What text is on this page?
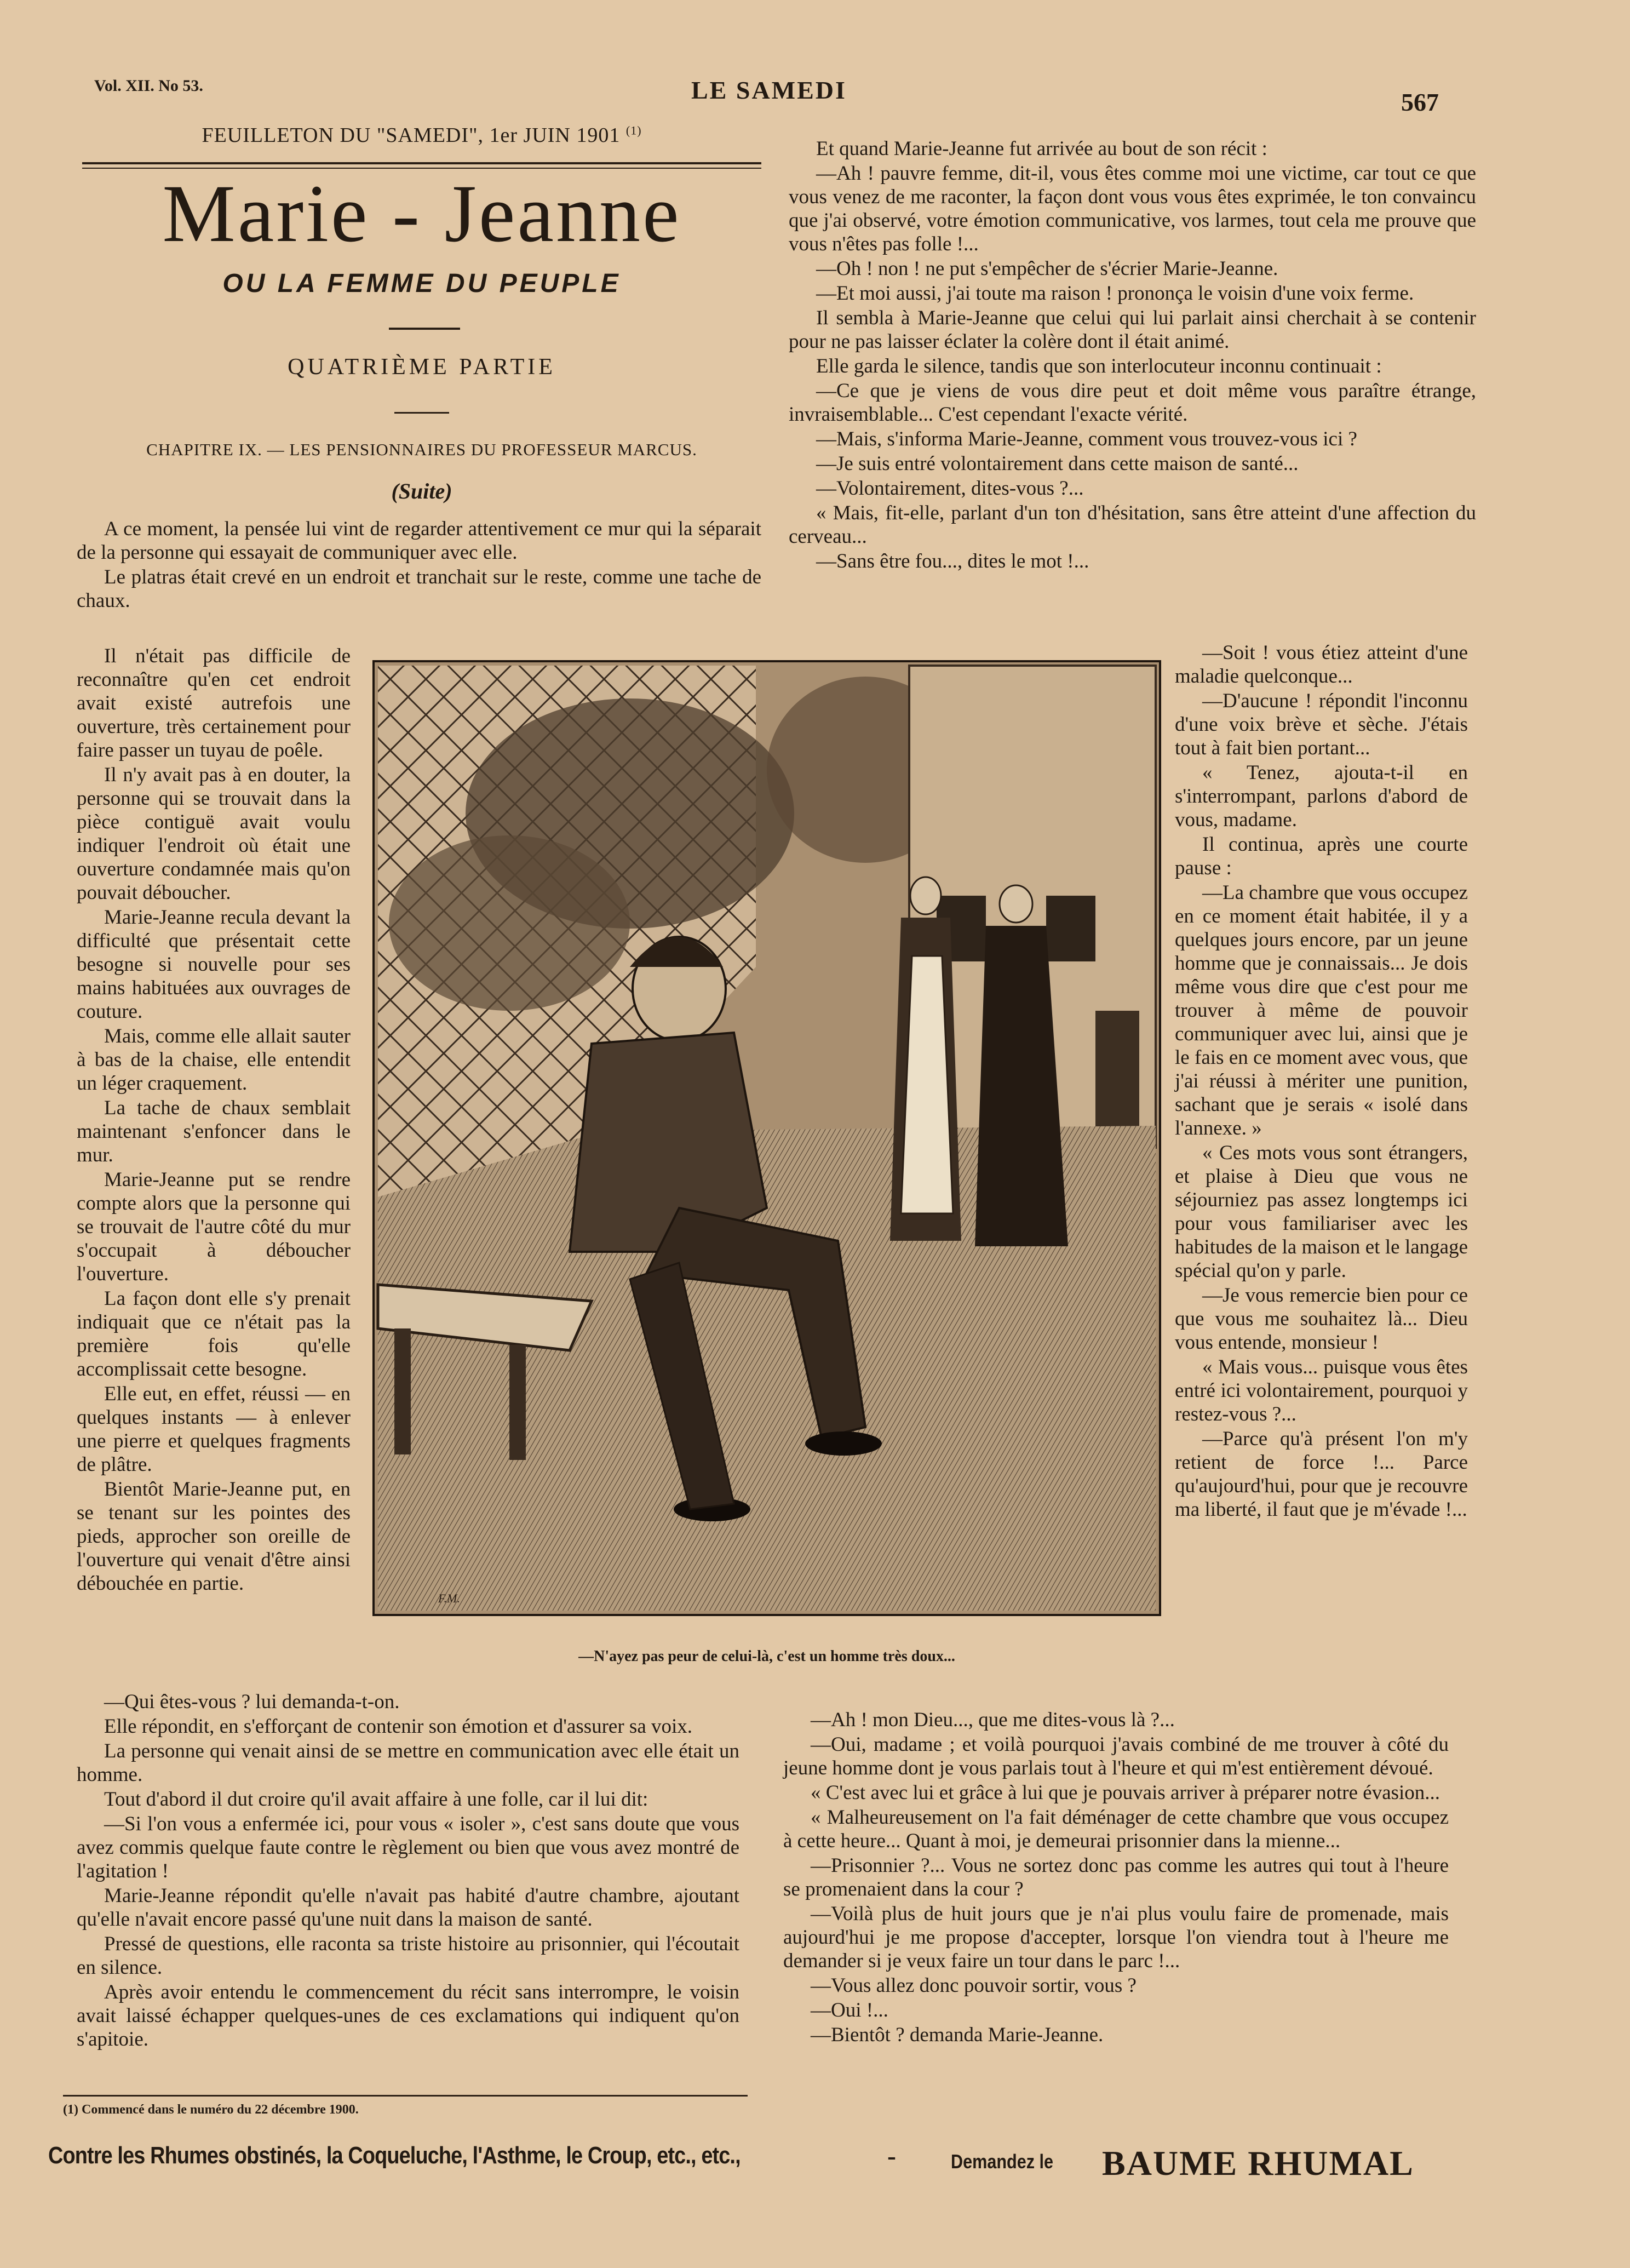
Vol. XII. No 53.	LE SAMEDI	567
FEUILLETON DU "SAMEDI", 1er JUIN 1901 $^{(1)}$
Marie - Jeanne
OU LA FEMME DU PEUPLE
QUATRIÈME PARTIE
CHAPITRE IX. — LES PENSIONNAIRES DU PROFESSEUR MARCUS.
(Suite)

A ce moment, la pensée lui vint de regarder attentivement ce mur qui la séparait de la personne qui essayait de communiquer avec elle.

Le platras était crevé en un endroit et tranchait sur le reste, comme une tache de chaux.

Il n'était pas difficile de reconnaître qu'en cet endroit avait existé autrefois une ouverture, très certainement pour faire passer un tuyau de poêle.

Il n'y avait pas à en douter, la personne qui se trouvait dans la pièce contiguë avait voulu indiquer l'endroit où était une ouverture condamnée mais qu'on pouvait déboucher.

Marie-Jeanne recula devant la difficulté que présentait cette besogne si nouvelle pour ses mains habituées aux ouvrages de couture.

Mais, comme elle allait sauter à bas de la chaise, elle entendit un léger craquement.

La tache de chaux semblait maintenant s'enfoncer dans le mur.

Marie-Jeanne put se rendre compte alors que la personne qui se trouvait de l'autre côté du mur s'occupait à déboucher l'ouverture.

La façon dont elle s'y prenait indiquait que ce n'était pas la première fois qu'elle accomplissait cette besogne.

Elle eut, en effet, réussi — en quelques instants — à enlever une pierre et quelques fragments de plâtre.

Bientôt Marie-Jeanne put, en se tenant sur les pointes des pieds, approcher son oreille de l'ouverture qui venait d'être ainsi débouchée en partie.

—Qui êtes-vous ? lui demanda-t-on.

Elle répondit, en s'efforçant de contenir son émotion et d'assurer sa voix.

La personne qui venait ainsi de se mettre en communication avec elle était un homme.

Tout d'abord il dut croire qu'il avait affaire à une folle, car il lui dit:

—Si l'on vous a enfermée ici, pour vous « isoler », c'est sans doute que vous avez commis quelque faute contre le règlement ou bien que vous avez montré de l'agitation !

Marie-Jeanne répondit qu'elle n'avait pas habité d'autre chambre, ajoutant qu'elle n'avait encore passé qu'une nuit dans la maison de santé.

Pressé de questions, elle raconta sa triste histoire au prisonnier, qui l'écoutait en silence.

Après avoir entendu le commencement du récit sans interrompre, le voisin avait laissé échapper quelques-unes de ces exclamations qui indiquent qu'on s'apitoie.

(1) Commencé dans le numéro du 22 décembre 1900.

Et quand Marie-Jeanne fut arrivée au bout de son récit :

—Ah ! pauvre femme, dit-il, vous êtes comme moi une victime, car tout ce que vous venez de me raconter, la façon dont vous vous êtes exprimée, le ton convaincu que j'ai observé, votre émotion communicative, vos larmes, tout cela me prouve que vous n'êtes pas folle !...

—Oh ! non ! ne put s'empêcher de s'écrier Marie-Jeanne.

—Et moi aussi, j'ai toute ma raison ! prononça le voisin d'une voix ferme.

Il sembla à Marie-Jeanne que celui qui lui parlait ainsi cherchait à se contenir pour ne pas laisser éclater la colère dont il était animé.

Elle garda le silence, tandis que son interlocuteur inconnu continuait :

—Ce que je viens de vous dire peut et doit même vous paraître étrange, invraisemblable... C'est cependant l'exacte vérité.

—Mais, s'informa Marie-Jeanne, comment vous trouvez-vous ici ?

—Je suis entré volontairement dans cette maison de santé...

—Volontairement, dites-vous ?...

« Mais, fit-elle, parlant d'un ton d'hésitation, sans être atteint d'une affection du cerveau...

—Sans être fou..., dites le mot !...

—Soit ! vous étiez atteint d'une maladie quelconque...

—D'aucune ! répondit l'inconnu d'une voix brève et sèche. J'étais tout à fait bien portant...

« Tenez, ajouta-t-il en s'interrompant, parlons d'abord de vous, madame.

Il continua, après une courte pause :

—La chambre que vous occupez en ce moment était habitée, il y a quelques jours encore, par un jeune homme que je connaissais... Je dois même vous dire que c'est pour me trouver à même de pouvoir communiquer avec lui, ainsi que je le fais en ce moment avec vous, que j'ai réussi à mériter une punition, sachant que je serais « isolé dans l'annexe. »

« Ces mots vous sont étrangers, et plaise à Dieu que vous ne séjourniez pas assez longtemps ici pour vous familiariser avec les habitudes de la maison et le langage spécial qu'on y parle.

—Je vous remercie bien pour ce que vous me souhaitez là... Dieu vous entende, monsieur !

« Mais vous... puisque vous êtes entré ici volontairement, pourquoi y restez-vous ?...

—Parce qu'à présent l'on m'y retient de force !... Parce qu'aujourd'hui, pour que je recouvre ma liberté, il faut que je m'évade !...

—Ah ! mon Dieu..., que me dites-vous là ?...

—Oui, madame ; et voilà pourquoi j'avais combiné de me trouver à côté du jeune homme dont je vous parlais tout à l'heure et qui m'est entièrement dévoué.

« C'est avec lui et grâce à lui que je pouvais arriver à préparer notre évasion...

« Malheureusement on l'a fait déménager de cette chambre que vous occupez à cette heure... Quant à moi, je demeurai prisonnier dans la mienne...

—Prisonnier ?... Vous ne sortez donc pas comme les autres qui tout à l'heure se promenaient dans la cour ?

—Voilà plus de huit jours que je n'ai plus voulu faire de promenade, mais aujourd'hui je me propose d'accepter, lorsque l'on viendra tout à l'heure me demander si je veux faire un tour dans le parc !...

—Vous allez donc pouvoir sortir, vous ?

—Oui !...

—Bientôt ? demanda Marie-Jeanne.

F.M.
—N'ayez pas peur de celui-là, c'est un homme très doux...
Contre les Rhumes obstinés, la Coqueluche, l'Asthme, le Croup, etc., etc.,	-	Demandez le BAUME RHUMAL
